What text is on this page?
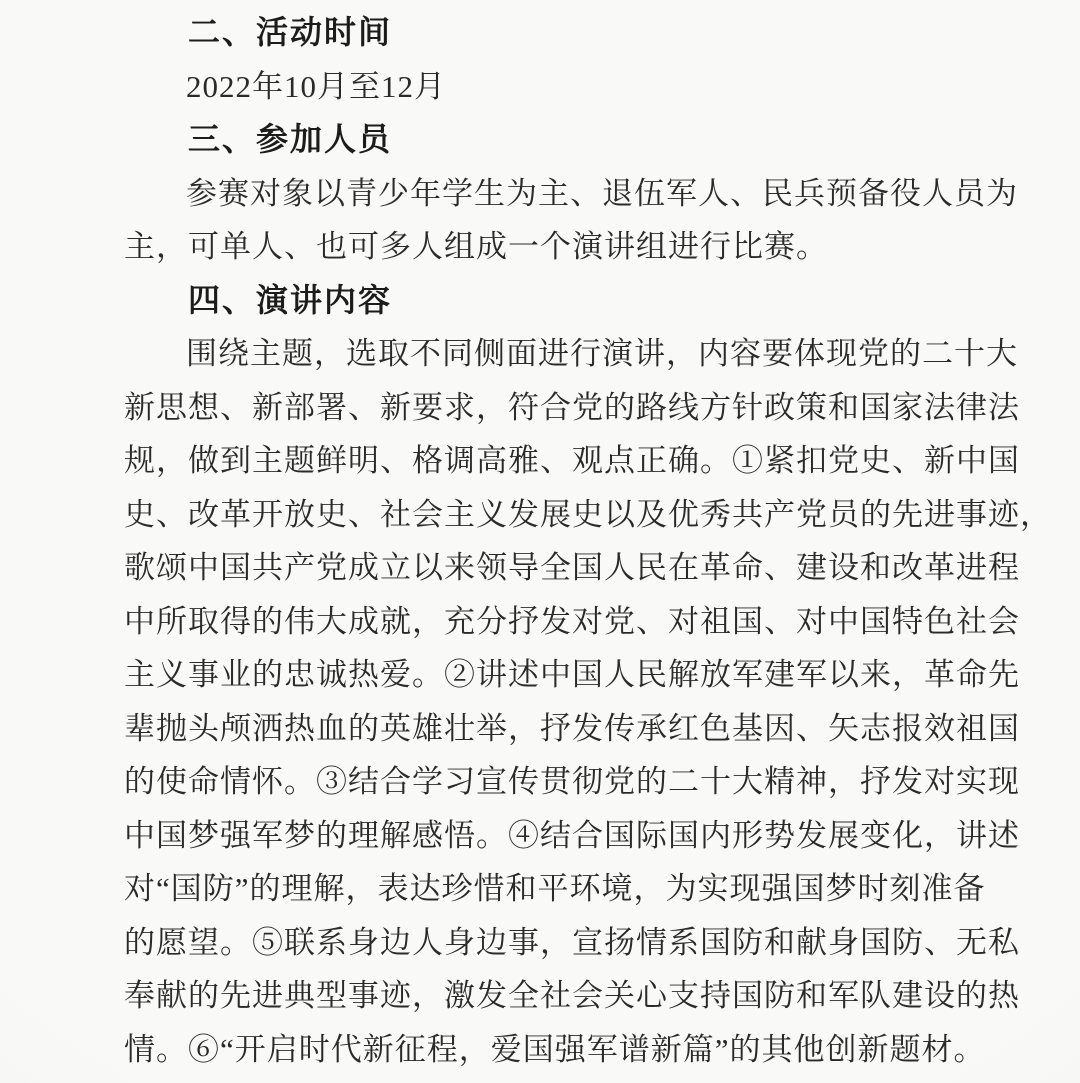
二、活动时间
2022年10月至12月
三、参加人员
参赛对象以青少年学生为主、退伍军人、民兵预备役人员为
主，可单人、也可多人组成一个演讲组进行比赛。
四、演讲内容
围绕主题，选取不同侧面进行演讲，内容要体现党的二十大
新思想、新部署、新要求，符合党的路线方针政策和国家法律法
规，做到主题鲜明、格调高雅、观点正确。①紧扣党史、新中国
史、改革开放史、社会主义发展史以及优秀共产党员的先进事迹，
歌颂中国共产党成立以来领导全国人民在革命、建设和改革进程
中所取得的伟大成就，充分抒发对党、对祖国、对中国特色社会
主义事业的忠诚热爱。②讲述中国人民解放军建军以来，革命先
辈抛头颅洒热血的英雄壮举，抒发传承红色基因、矢志报效祖国
的使命情怀。③结合学习宣传贯彻党的二十大精神，抒发对实现
中国梦强军梦的理解感悟。④结合国际国内形势发展变化，讲述
对“国防”的理解，表达珍惜和平环境，为实现强国梦时刻准备
的愿望。⑤联系身边人身边事，宣扬情系国防和献身国防、无私
奉献的先进典型事迹，激发全社会关心支持国防和军队建设的热
情。⑥“开启时代新征程，爱国强军谱新篇”的其他创新题材。
